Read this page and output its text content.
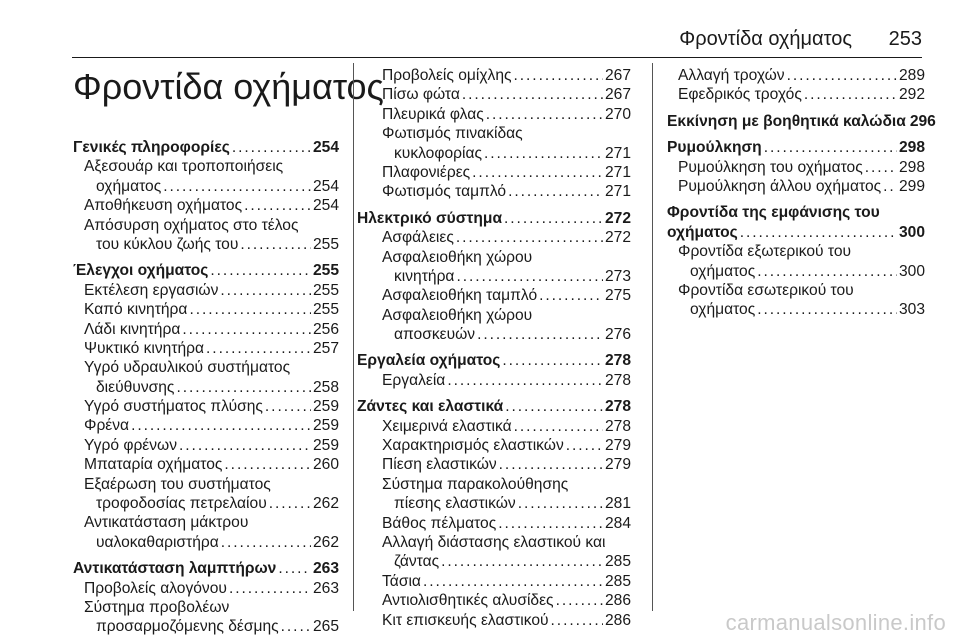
Φροντίδα οχήματος 253
Φροντίδα οχήματος
Γενικές πληροφορίες . . .	254
Αξεσουάρ και τροποποιήσεις
οχήματος . . .	254
Αποθήκευση οχήματος . . .	254
Απόσυρση οχήματος στο τέλος
του κύκλου ζωής του . . .	255
Έλεγχοι οχήματος . . .	255
Εκτέλεση εργασιών . . .	255
Καπό κινητήρα . . .	255
Λάδι κινητήρα . . .	256
Ψυκτικό κινητήρα . . .	257
Υγρό υδραυλικού συστήματος
διεύθυνσης . . .	258
Υγρό συστήματος πλύσης . . .	259
Φρένα . . .	259
Υγρό φρένων . . .	259
Μπαταρία οχήματος . . .	260
Εξαέρωση του συστήματος
τροφοδοσίας πετρελαίου . . .	262
Αντικατάσταση μάκτρου
υαλοκαθαριστήρα . . .	262
Αντικατάσταση λαμπτήρων . . . 263
Προβολείς αλογόνου . . .	263
Σύστημα προβολέων
προσαρμοζόμενης δέσμης . . . 265
Προβολείς ομίχλης . . .	267
Πίσω φώτα . . .	267
Πλευρικά φλας . . .	270
Φωτισμός πινακίδας
κυκλοφορίας . . .	271
Πλαφονιέρες . . .	271
Φωτισμός ταμπλό . . .	271
Ηλεκτρικό σύστημα . . .	272
Ασφάλειες . . .	272
Ασφαλειοθήκη χώρου
κινητήρα . . .	273
Ασφαλειοθήκη ταμπλό . . .	275
Ασφαλειοθήκη χώρου
αποσκευών . . .	276
Εργαλεία οχήματος . . .	278
Εργαλεία . . .	278
Ζάντες και ελαστικά . . .	278
Χειμερινά ελαστικά . . .	278
Χαρακτηρισμός ελαστικών . . .	279
Πίεση ελαστικών . . .	279
Σύστημα παρακολούθησης
πίεσης ελαστικών . . .	281
Βάθος πέλματος . . .	284
Αλλαγή διάστασης ελαστικού και
ζάντας . . .	285
Τάσια . . .	285
Αντιολισθητικές αλυσίδες . . .	286
Κιτ επισκευής ελαστικού . . .	286
Αλλαγή τροχών . . .	289
Εφεδρικός τροχός . . .	292
Εκκίνηση με βοηθητικά καλώδια 296
Ρυμούλκηση . . .	298
Ρυμούλκηση του οχήματος . . . 298
Ρυμούλκηση άλλου οχήματος . . . 299
Φροντίδα της εμφάνισης του
οχήματος . . .	300
Φροντίδα εξωτερικού του
οχήματος . . .	300
Φροντίδα εσωτερικού του
οχήματος . . .	303
carmanualsonline.info
